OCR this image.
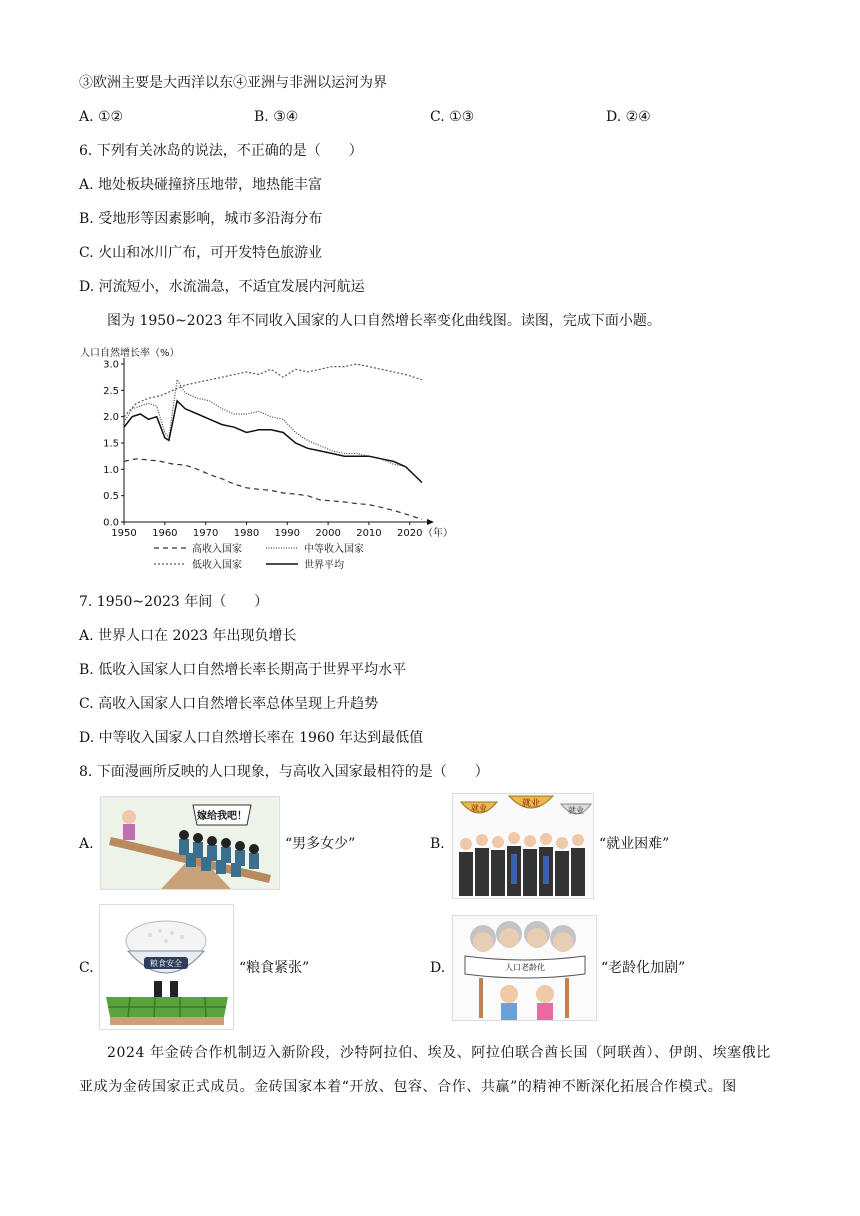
③欧洲主要是大西洋以东④亚洲与非洲以运河为界
A. ①②	B. ③④	C. ①③	D. ②④
6. 下列有关冰岛的说法，不正确的是（　　）
A. 地处板块碰撞挤压地带，地热能丰富
B. 受地形等因素影响，城市多沿海分布
C. 火山和冰川广布，可开发特色旅游业
D. 河流短小，水流湍急，不适宜发展内河航运
图为 1950~2023 年不同收入国家的人口自然增长率变化曲线图。读图，完成下面小题。
人口自然增长率（%）
（年）
0.0
0.5
1.0
1.5
2.0
2.5
3.0
1950 1960 1970 1980 1990 2000 2010 2020
高收入国家	中等收入国家
低收入国家	世界平均
7. 1950~2023 年间（　　）
A. 世界人口在 2023 年出现负增长
B. 低收入国家人口自然增长率长期高于世界平均水平
C. 高收入国家人口自然增长率总体呈现上升趋势
D. 中等收入国家人口自然增长率在 1960 年达到最低值
8. 下面漫画所反映的人口现象，与高收入国家最相符的是（　　）
A.
嫁给我吧！
“男多女少”	B.
就业	就业
就业
“就业困难”
C.	粮食安全	“粮食紧张”	D.	人口老龄化	“老龄化加剧”
2024 年金砖合作机制迈入新阶段，沙特阿拉伯、埃及、阿拉伯联合酋长国（阿联酋）、伊朗、埃塞俄比亚成为金砖国家正式成员。金砖国家本着“开放、包容、合作、共赢”的精神不断深化拓展合作模式。图
